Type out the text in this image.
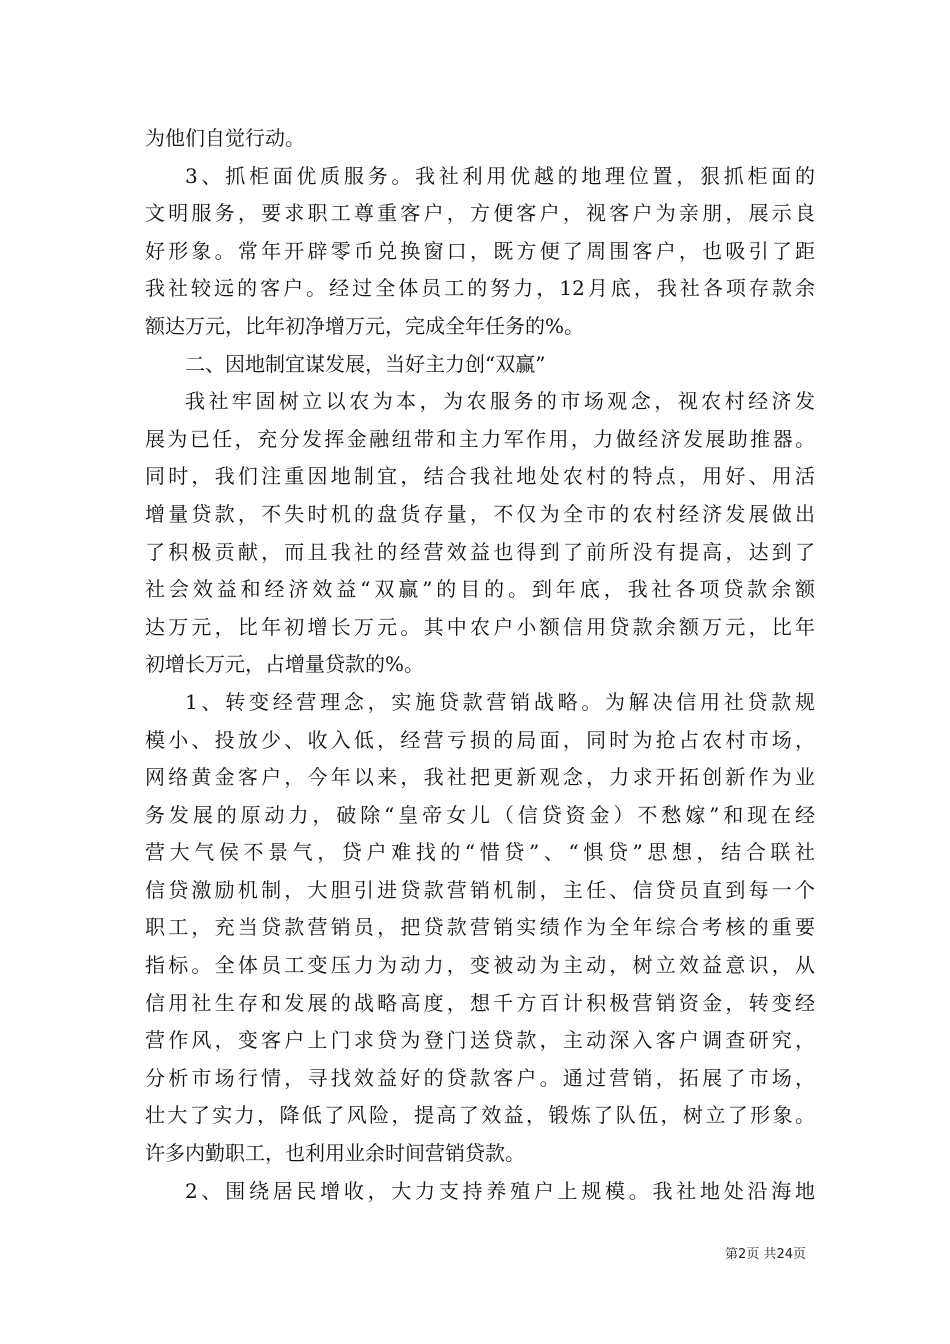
为他们自觉行动。
3、抓柜面优质服务。我社利用优越的地理位置，狠抓柜面的
文明服务，要求职工尊重客户，方便客户，视客户为亲朋，展示良
好形象。常年开辟零币兑换窗口，既方便了周围客户，也吸引了距
我社较远的客户。经过全体员工的努力，12月底，我社各项存款余
额达万元，比年初净增万元，完成全年任务的%。
二、因地制宜谋发展，当好主力创“双赢”
我社牢固树立以农为本，为农服务的市场观念，视农村经济发
展为已任，充分发挥金融纽带和主力军作用，力做经济发展助推器。
同时，我们注重因地制宜，结合我社地处农村的特点，用好、用活
增量贷款，不失时机的盘货存量，不仅为全市的农村经济发展做出
了积极贡献，而且我社的经营效益也得到了前所没有提高，达到了
社会效益和经济效益“双赢”的目的。到年底，我社各项贷款余额
达万元，比年初增长万元。其中农户小额信用贷款余额万元，比年
初增长万元，占增量贷款的%。
1、转变经营理念，实施贷款营销战略。为解决信用社贷款规
模小、投放少、收入低，经营亏损的局面，同时为抢占农村市场，
网络黄金客户，今年以来，我社把更新观念，力求开拓创新作为业
务发展的原动力，破除“皇帝女儿（信贷资金）不愁嫁”和现在经
营大气侯不景气，贷户难找的“惜贷”、“惧贷”思想，结合联社
信贷激励机制，大胆引进贷款营销机制，主任、信贷员直到每一个
职工，充当贷款营销员，把贷款营销实绩作为全年综合考核的重要
指标。全体员工变压力为动力，变被动为主动，树立效益意识，从
信用社生存和发展的战略高度，想千方百计积极营销资金，转变经
营作风，变客户上门求贷为登门送贷款，主动深入客户调查研究，
分析市场行情，寻找效益好的贷款客户。通过营销，拓展了市场，
壮大了实力，降低了风险，提高了效益，锻炼了队伍，树立了形象。
许多内勤职工，也利用业余时间营销贷款。
2、围绕居民增收，大力支持养殖户上规模。我社地处沿海地
第2页 共24页
